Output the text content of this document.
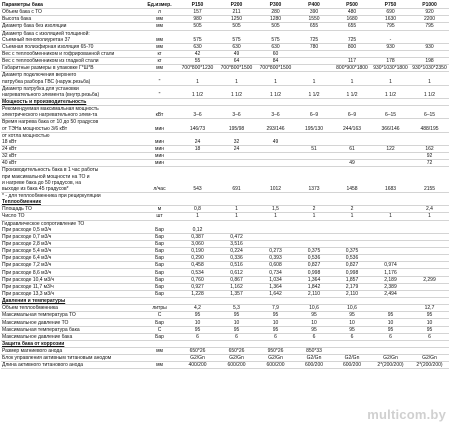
Параметры бака	Ед.измер.	P150	P200	P300	P400	P500	P750	P1000
Объем бака с ТО	л	157	211	280	390	480	690	920
Высота бака	мм	980	1250	1280	1550	1680	1630	2200
Диаметр бака без изоляции	мм	505	505	505	655	655	795	795
Диаметр бака с изоляцией толщиной:								
Съемный пенополиуретан 37	мм	575	575	575	725	725	-	
Съемная полиэфирная изоляция 65-70	мм	630	630	630	780	800	930	930
Вес с теплообменником и гофрированной стали	кг	42	49	60				
Вес с теплообменником из гладкой стали	кг	55	64	84		117	178	198
Габаритные размеры в упаковке Г*Ш*В	мм	700*800*1230	700*800*1500	700*800*1500		800*900*1800	930*1030*1800	930*1030*2350
Диаметр подключения верхнего								
патрубка разбора ГВС (наруж.резьба)	"	1	1	1	1	1	1	1
Диаметр патрубка для установки								
нагревательного элемента (внутр.резьба)	"	1 1/2	1 1/2	1 1/2	1 1/2	1 1/2	1 1/2	1 1/2
Мощность и производительность								
Рекомендуемая максимальная мощность								
электрического нагревательного элем-та	кВт	3–6	3–6	3–6	6–9	6–9	6–15	6–15
Время нагрева бака от 10 до 50 градусов								
от ТЭНа мощностью 3/6 кВт	мин	146/73	195/98	293/146	195/130	244/163	366/146	488/195
от котла мощностью								
18 кВт	мин	24	32	49				
24 кВт	мин	18	24		51	61	122	162
32 кВт	мин							92
40 кВт	мин					49		72
Производительность бака в 1 час работы								
при максимальной мощности на ТО и								
и нагреве бака до 50 градусов, на								
выходе из бака 45 градусов*	л/час	543	691	1012	1373	1458	1683	2155
* - для теплообменника при рециркуляции								
Теплообменник								
Площадь ТО	м	0,8	1	1,5	2	2		2,4
Число ТО	шт	1	1	1	1	1	1	1
Гидравлическое сопротивление ТО								
При расходе 0,5 м3/ч	Бар	0,12						
При расходе 0,7 м3/ч	Бар	0,387	0,472					
При расходе 2,8 м3/ч	Бар	3,060	3,516					
При расходе 5,4 м3/ч	Бар	0,190	0,224	0,273	0,375	0,375		
При расходе 6,4 м3/ч	Бар	0,290	0,336	0,393	0,536	0,536		
При расходе 7,2 м3/ч	Бар	0,458	0,516	0,608	0,827	0,827	0,974	
При расходе 8,6 м3/ч	Бар	0,534	0,612	0,734	0,998	0,998	1,176	
При расходе 10,4 м3/ч	Бар	0,760	0,867	1,034	1,364	1,857	2,189	2,299
При расходе 11,7 м3/ч	Бар	0,927	1,162	1,364	1,842	2,179	2,389	
При расходе 13,3 м3/ч	Бар	1,228	1,357	1,642	2,110	2,110	2,494	
Давления и температуры								
Объем теплообменника	литры	4,2	5,3	7,9	10,6	10,6		12,7
Максимальная температура ТО	С	95	95	95	95	95	95	95
Максимальное давление ТО	Бар	10	10	10	10	10	10	10
Максимальная температура бака	С	95	95	95	95	95	95	95
Максимальное давление бака	Бар	6	6	6	6	6	6	6
Защита бака от коррозии								
Размер магниевого анода	мм	650*26	650*26	950*26	850*33			
Блок управления активным титановым анодом		G2/Gn	G2/Gn	G2/Gn	G2/Gn	G2/Gn	G2/Gn	G2/Gn
Длина активного титанового анода	мм	400/200	600/200	600/200	600/200	600/200	2*(200/200)	2*(200/200)
multicom.by
